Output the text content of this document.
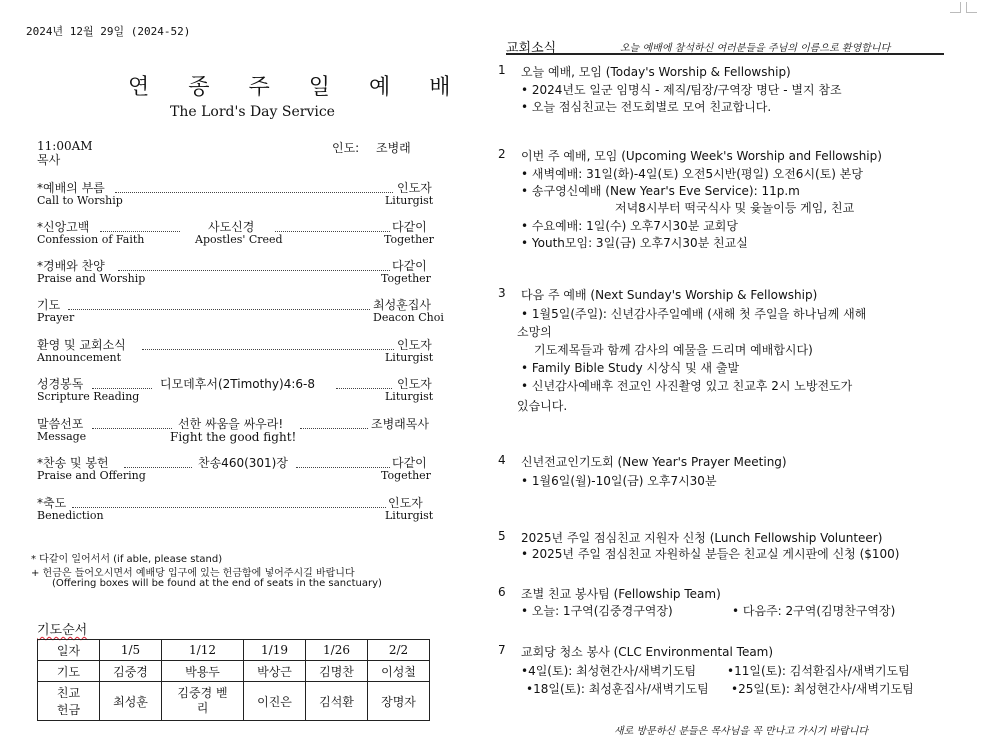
2024년 12월 29일 (2024-52)
연 종 주 일 예 배
The Lord's Day Service
11:00AM
목사
인도: 조병래
*예배의 부름	인도자
Call to Worship	Liturgist
*신앙고백	사도신경	다같이
Confession of Faith	Apostles' Creed	Together
*경배와 찬양	다같이
Praise and Worship	Together
기도	최성훈집사
Prayer	Deacon Choi
환영 및 교회소식	인도자
Announcement	Liturgist
성경봉독	디모데후서(2Timothy)4:6-8	인도자
Scripture Reading	Liturgist
말씀선포	선한 싸움을 싸우라!	조병래목사
Message	Fight the good fight!
*찬송 및 봉헌	찬송460(301)장	다같이
Praise and Offering	Together
*축도	인도자
Benediction	Liturgist
* 다같이 일어서서 (if able, please stand)
+ 헌금은 들어오시면서 예배당 입구에 있는 헌금함에 넣어주시길 바랍니다
(Offering boxes will be found at the end of seats in the sanctuary)
기도순서
일자	1/5	1/12	1/19	1/26	2/2
기도	김중경	박용두	박상근	김명찬	이성철

친교
헌금	최성훈	김중경 벧리	이진은	김석환	장명자
교회소식	오늘 예배에 참석하신 여러분들을 주님의 이름으로 환영합니다
1 오늘 예배, 모임 (Today's Worship & Fellowship)
• 2024년도 일군 임명식 - 제직/팀장/구역장 명단 - 별지 참조
• 오늘 점심친교는 전도회별로 모여 친교합니다.
2 이번 주 예배, 모임 (Upcoming Week's Worship and Fellowship)
• 새벽예배: 31일(화)-4일(토) 오전5시반(평일) 오전6시(토) 본당
• 송구영신예배 (New Year's Eve Service): 11p.m
저녁8시부터 떡국식사 및 윷놀이등 게임, 친교
• 수요예배: 1일(수) 오후7시30분 교회당
• Youth모임: 3일(금) 오후7시30분 친교실
3 다음 주 예배 (Next Sunday's Worship & Fellowship)
• 1월5일(주일): 신년감사주일예배 (새해 첫 주일을 하나님께 새해
소망의
기도제목들과 함께 감사의 예물을 드리며 예배합시다)
• Family Bible Study 시상식 및 새 출발
• 신년감사예배후 전교인 사진촬영 있고 친교후 2시 노방전도가
있습니다.
4 신년전교인기도회 (New Year's Prayer Meeting)
• 1월6일(월)-10일(금) 오후7시30분
5 2025년 주일 점심친교 지원자 신청 (Lunch Fellowship Volunteer)
• 2025년 주일 점심친교 자원하실 분들은 친교실 게시판에 신청 ($100)
6 조별 친교 봉사팀 (Fellowship Team)
• 오늘: 1구역(김중경구역장)	• 다음주: 2구역(김명찬구역장)
7 교회당 청소 봉사 (CLC Environmental Team)
•4일(토): 최성현간사/새벽기도팀	•11일(토): 김석환집사/새벽기도팀
•18일(토): 최성훈집사/새벽기도팀 •25일(토): 최성현간사/새벽기도팀
새로 방문하신 분들은 목사님을 꼭 만나고 가시기 바랍니다
